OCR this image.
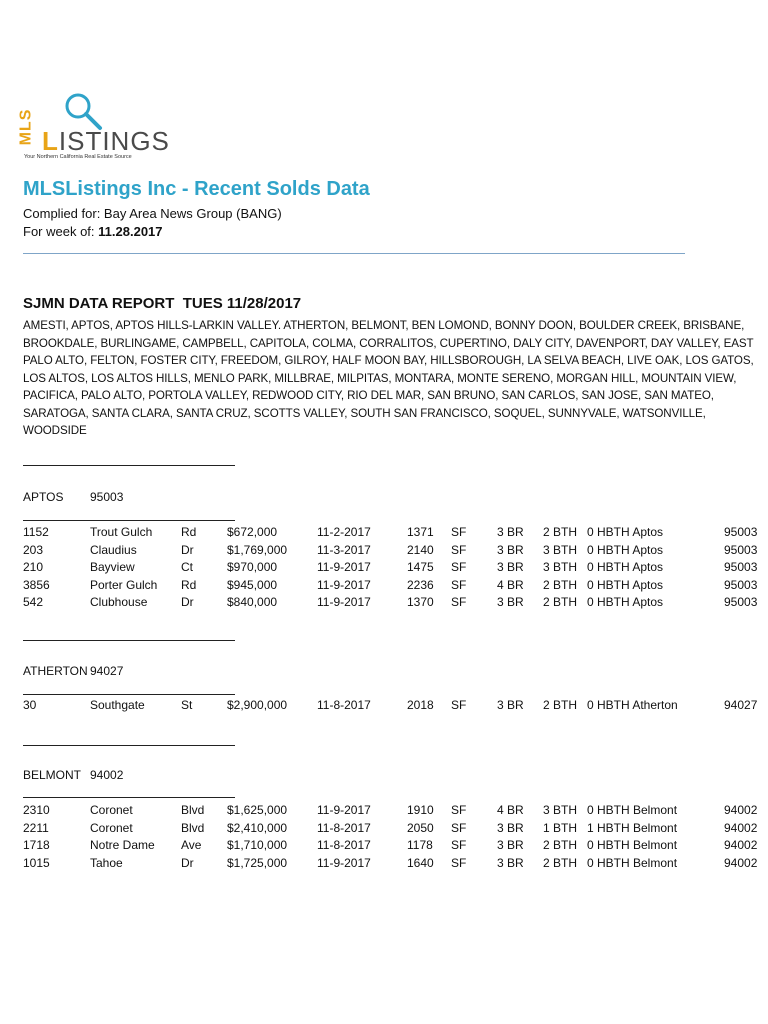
MLS LISTINGS
Your Northern California Real Estate Source
MLSListings Inc - Recent Solds Data
Complied for: Bay Area News Group (BANG)
For week of: 11.28.2017
SJMN DATA REPORT  TUES 11/28/2017
AMESTI, APTOS, APTOS HILLS-LARKIN VALLEY. ATHERTON, BELMONT, BEN LOMOND, BONNY DOON, BOULDER CREEK, BRISBANE, BROOKDALE, BURLINGAME, CAMPBELL, CAPITOLA, COLMA, CORRALITOS, CUPERTINO, DALY CITY, DAVENPORT, DAY VALLEY, EAST PALO ALTO, FELTON, FOSTER CITY, FREEDOM, GILROY, HALF MOON BAY, HILLSBOROUGH, LA SELVA BEACH, LIVE OAK, LOS GATOS, LOS ALTOS, LOS ALTOS HILLS, MENLO PARK, MILLBRAE, MILPITAS, MONTARA, MONTE SERENO, MORGAN HILL, MOUNTAIN VIEW, PACIFICA, PALO ALTO, PORTOLA VALLEY, REDWOOD CITY, RIO DEL MAR, SAN BRUNO, SAN CARLOS, SAN JOSE, SAN MATEO, SARATOGA, SANTA CLARA, SANTA CRUZ, SCOTTS VALLEY, SOUTH SAN FRANCISCO, SOQUEL, SUNNYVALE, WATSONVILLE, WOODSIDE
APTOS 95003
1152	Trout Gulch Rd	$672,000	11-2-2017	1371 SF	3 BR 2 BTH 0 HBTH Aptos	95003
203	Claudius	Dr	$1,769,000 11-3-2017	2140 SF	3 BR 3 BTH 0 HBTH Aptos	95003
210	Bayview	Ct	$970,000	11-9-2017	1475 SF	3 BR 3 BTH 0 HBTH Aptos	95003
3856	Porter Gulch Rd	$945,000	11-9-2017	2236 SF	4 BR 2 BTH 0 HBTH Aptos	95003
542	Clubhouse	Dr	$840,000	11-9-2017	1370 SF	3 BR 2 BTH 0 HBTH Aptos	95003
ATHERTON 94027
30	Southgate	St	$2,900,000 11-8-2017	2018 SF	3 BR 2 BTH 0 HBTH Atherton	94027
BELMONT 94002
2310	Coronet	Blvd $1,625,000 11-9-2017	1910 SF	4 BR 3 BTH 0 HBTH Belmont	94002
2211	Coronet	Blvd $2,410,000 11-8-2017	2050 SF	3 BR 1 BTH 1 HBTH Belmont	94002
1718	Notre Dame Ave $1,710,000 11-8-2017	1178 SF	3 BR 2 BTH 0 HBTH Belmont	94002
1015	Tahoe	Dr	$1,725,000 11-9-2017	1640 SF	3 BR 2 BTH 0 HBTH Belmont	94002
